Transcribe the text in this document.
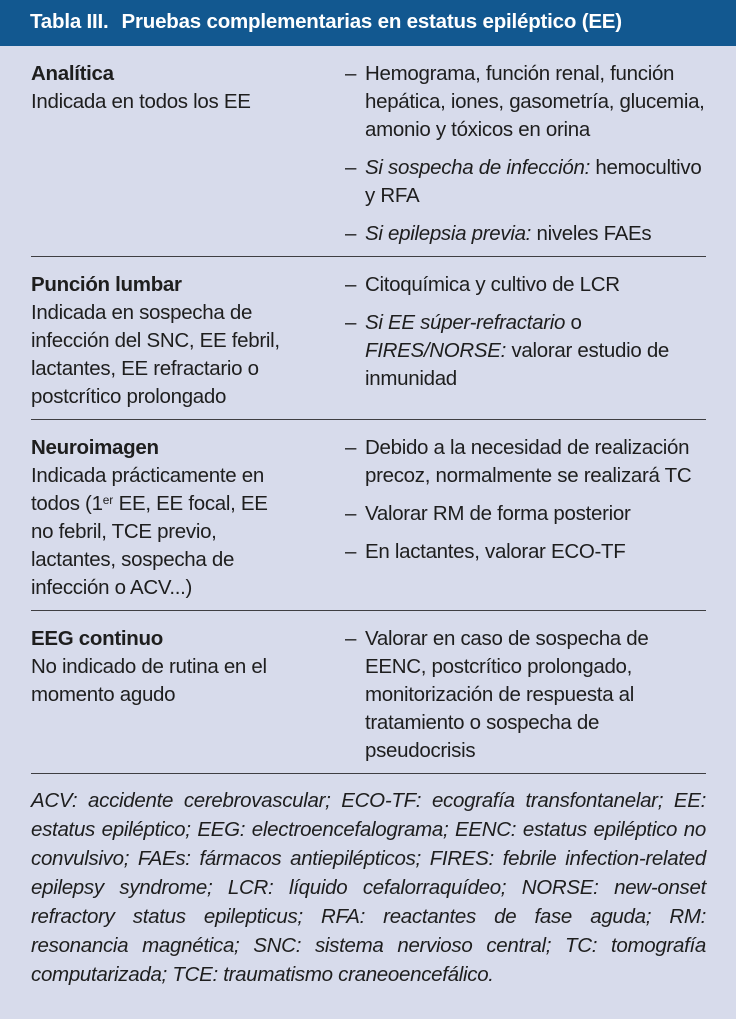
Tabla III. Pruebas complementarias en estatus epiléptico (EE)
Analítica
Indicada en todos los EE
– Hemograma, función renal, función hepática, iones, gasometría, glucemia, amonio y tóxicos en orina
– Si sospecha de infección: hemocultivo y RFA
– Si epilepsia previa: niveles FAEs
Punción lumbar
Indicada en sospecha de infección del SNC, EE febril, lactantes, EE refractario o postcrítico prolongado
– Citoquímica y cultivo de LCR
– Si EE súper-refractario o FIRES/NORSE: valorar estudio de inmunidad
Neuroimagen
Indicada prácticamente en todos (1er EE, EE focal, EE no febril, TCE previo, lactantes, sospecha de infección o ACV...)
– Debido a la necesidad de realización precoz, normalmente se realizará TC
– Valorar RM de forma posterior
– En lactantes, valorar ECO-TF
EEG continuo
No indicado de rutina en el momento agudo
– Valorar en caso de sospecha de EENC, postcrítico prolongado, monitorización de respuesta al tratamiento o sospecha de pseudocrisis
ACV: accidente cerebrovascular; ECO-TF: ecografía transfontanelar; EE: estatus epiléptico; EEG: electroencefalograma; EENC: estatus epiléptico no convulsivo; FAEs: fármacos antiepilépticos; FIRES: febrile infection-related epilepsy syndrome; LCR: líquido cefalorraquídeo; NORSE: new-onset refractory status epilepticus; RFA: reactantes de fase aguda; RM: resonancia magnética; SNC: sistema nervioso central; TC: tomografía computarizada; TCE: traumatismo craneoencefálico.
